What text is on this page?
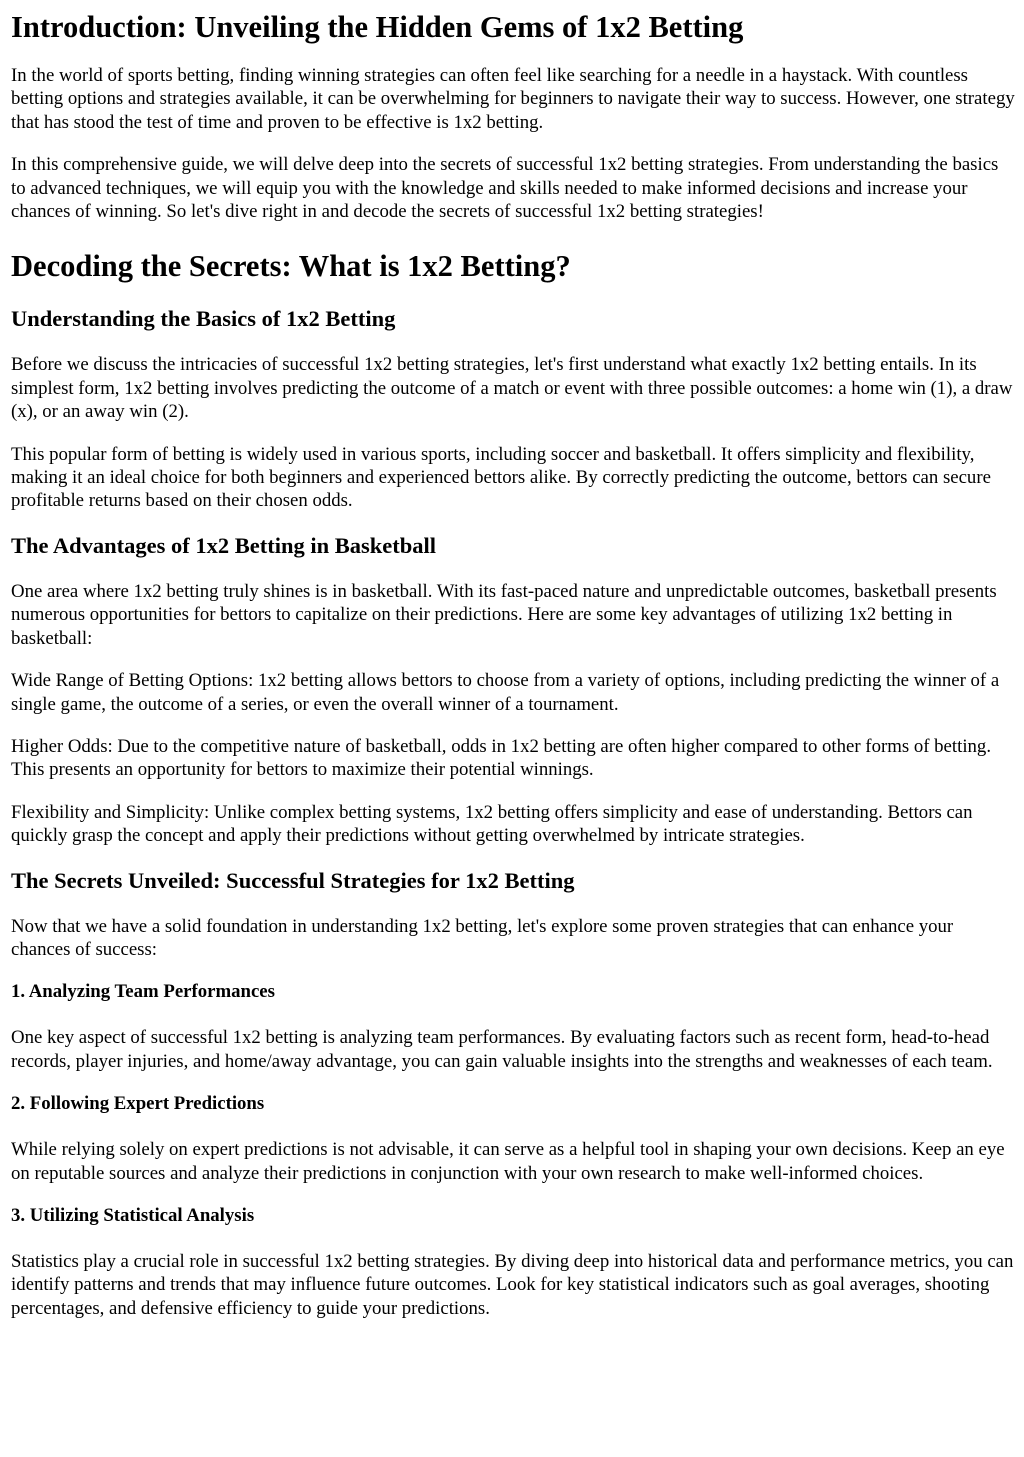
Introduction: Unveiling the Hidden Gems of 1x2 Betting

In the world of sports betting, finding winning strategies can often feel like searching for a needle in a haystack. With countless betting options and strategies available, it can be overwhelming for beginners to navigate their way to success. However, one strategy that has stood the test of time and proven to be effective is 1x2 betting.

In this comprehensive guide, we will delve deep into the secrets of successful 1x2 betting strategies. From understanding the basics to advanced techniques, we will equip you with the knowledge and skills needed to make informed decisions and increase your chances of winning. So let's dive right in and decode the secrets of successful 1x2 betting strategies!

Decoding the Secrets: What is 1x2 Betting?
Understanding the Basics of 1x2 Betting

Before we discuss the intricacies of successful 1x2 betting strategies, let's first understand what exactly 1x2 betting entails. In its simplest form, 1x2 betting involves predicting the outcome of a match or event with three possible outcomes: a home win (1), a draw (x), or an away win (2).

This popular form of betting is widely used in various sports, including soccer and basketball. It offers simplicity and flexibility, making it an ideal choice for both beginners and experienced bettors alike. By correctly predicting the outcome, bettors can secure profitable returns based on their chosen odds.

The Advantages of 1x2 Betting in Basketball

One area where 1x2 betting truly shines is in basketball. With its fast-paced nature and unpredictable outcomes, basketball presents numerous opportunities for bettors to capitalize on their predictions. Here are some key advantages of utilizing 1x2 betting in basketball:

Wide Range of Betting Options: 1x2 betting allows bettors to choose from a variety of options, including predicting the winner of a single game, the outcome of a series, or even the overall winner of a tournament.

Higher Odds: Due to the competitive nature of basketball, odds in 1x2 betting are often higher compared to other forms of betting. This presents an opportunity for bettors to maximize their potential winnings.

Flexibility and Simplicity: Unlike complex betting systems, 1x2 betting offers simplicity and ease of understanding. Bettors can quickly grasp the concept and apply their predictions without getting overwhelmed by intricate strategies.

The Secrets Unveiled: Successful Strategies for 1x2 Betting

Now that we have a solid foundation in understanding 1x2 betting, let's explore some proven strategies that can enhance your chances of success:

1. Analyzing Team Performances

One key aspect of successful 1x2 betting is analyzing team performances. By evaluating factors such as recent form, head-to-head records, player injuries, and home/away advantage, you can gain valuable insights into the strengths and weaknesses of each team.

2. Following Expert Predictions

While relying solely on expert predictions is not advisable, it can serve as a helpful tool in shaping your own decisions. Keep an eye on reputable sources and analyze their predictions in conjunction with your own research to make well-informed choices.

3. Utilizing Statistical Analysis

Statistics play a crucial role in successful 1x2 betting strategies. By diving deep into historical data and performance metrics, you can identify patterns and trends that may influence future outcomes. Look for key statistical indicators such as goal averages, shooting percentages, and defensive efficiency to guide your predictions.
